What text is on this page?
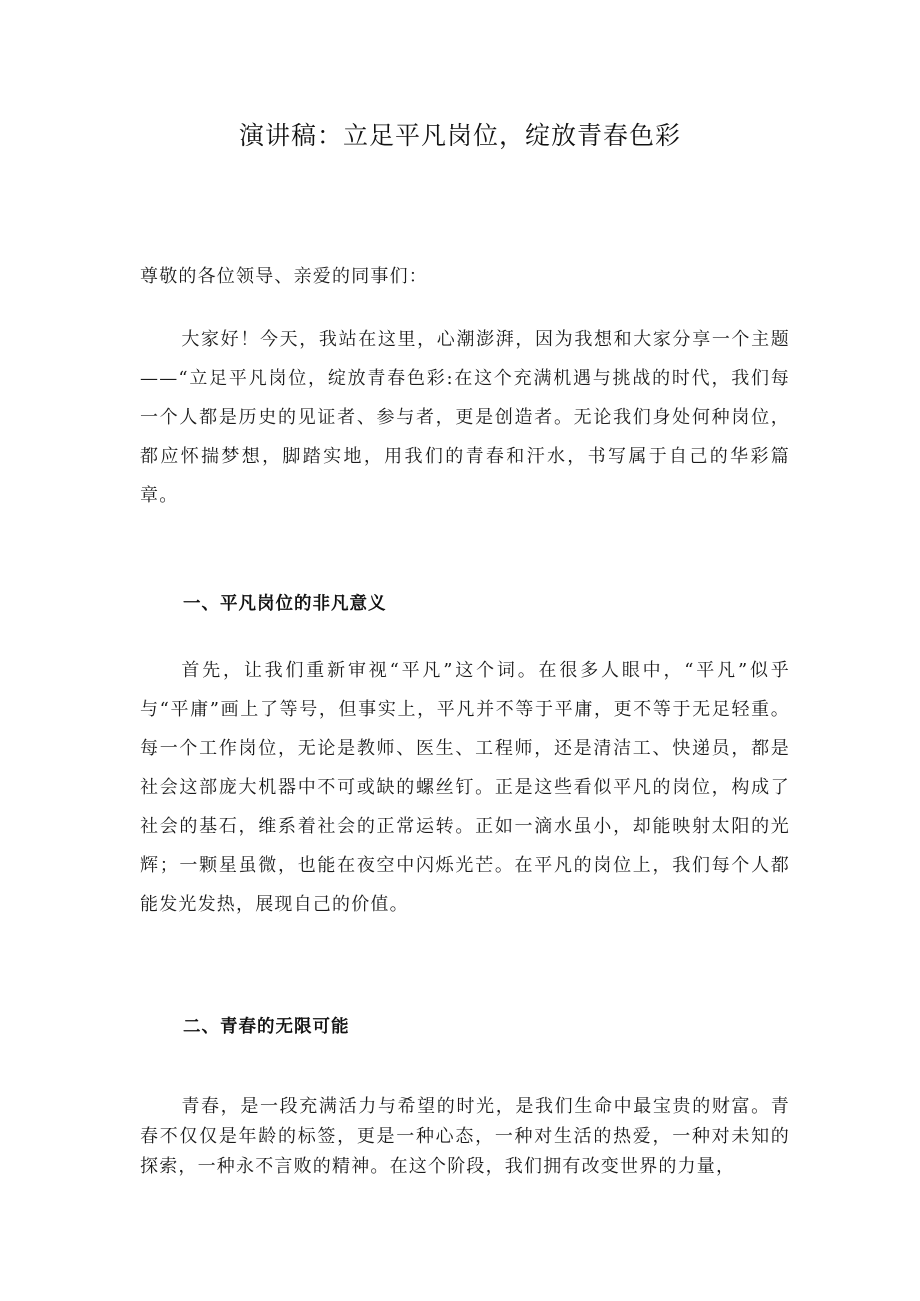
演讲稿：立足平凡岗位，绽放青春色彩

尊敬的各位领导、亲爱的同事们：

大家好！今天，我站在这里，心潮澎湃，因为我想和大家分享一个主题——“立足平凡岗位，绽放青春色彩:在这个充满机遇与挑战的时代，我们每一个人都是历史的见证者、参与者，更是创造者。无论我们身处何种岗位，都应怀揣梦想，脚踏实地，用我们的青春和汗水，书写属于自己的华彩篇章。

一、平凡岗位的非凡意义

首先，让我们重新审视“平凡”这个词。在很多人眼中，“平凡”似乎与“平庸”画上了等号，但事实上，平凡并不等于平庸，更不等于无足轻重。每一个工作岗位，无论是教师、医生、工程师，还是清洁工、快递员，都是社会这部庞大机器中不可或缺的螺丝钉。正是这些看似平凡的岗位，构成了社会的基石，维系着社会的正常运转。正如一滴水虽小，却能映射太阳的光辉；一颗星虽微，也能在夜空中闪烁光芒。在平凡的岗位上，我们每个人都能发光发热，展现自己的价值。

二、青春的无限可能

青春，是一段充满活力与希望的时光，是我们生命中最宝贵的财富。青春不仅仅是年龄的标签，更是一种心态，一种对生活的热爱，一种对未知的探索，一种永不言败的精神。在这个阶段，我们拥有改变世界的力量，
